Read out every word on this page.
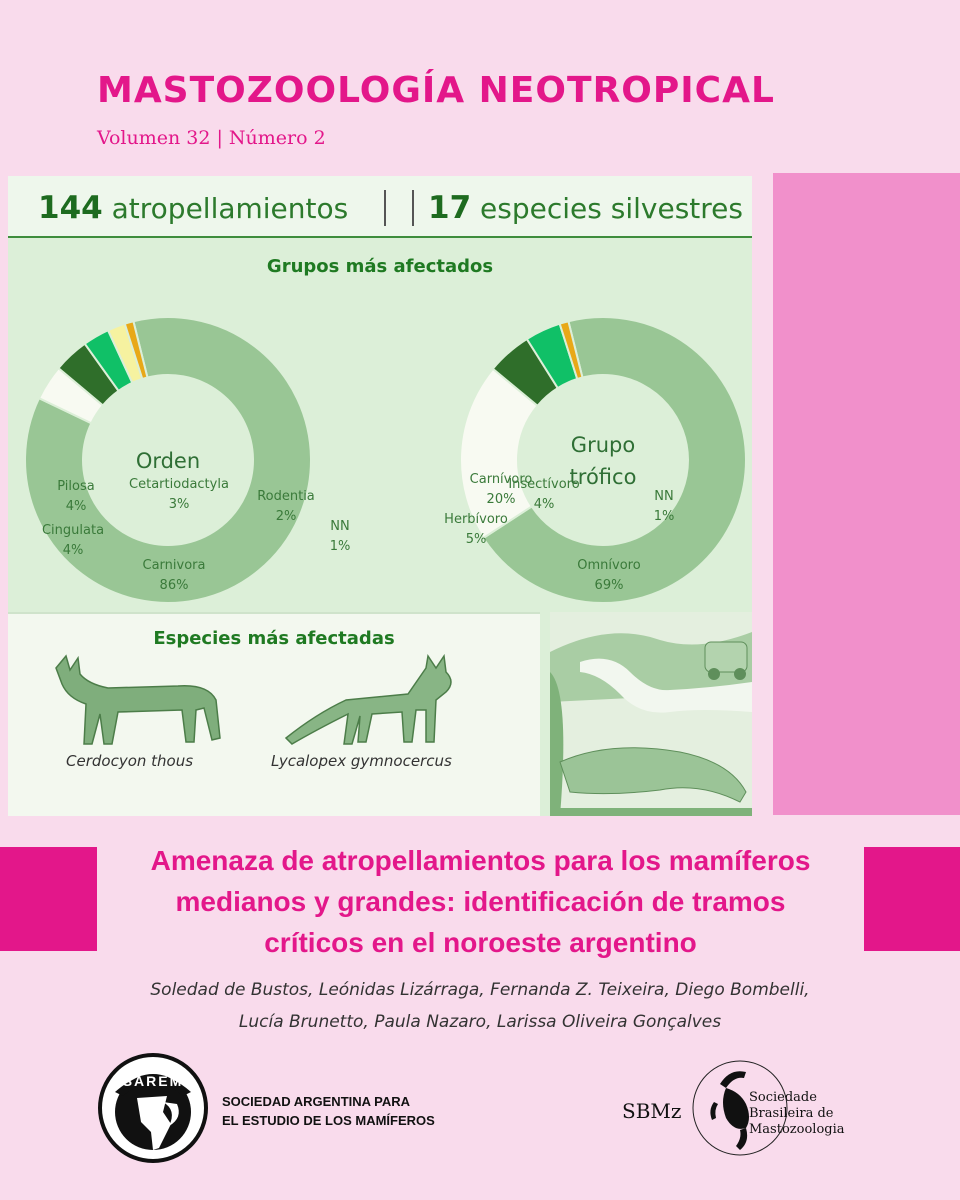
MASTOZOOLOGÍA NEOTROPICAL
Volumen 32 | Número 2
144 atropellamientos	17 especies silvestres
Grupos más afectados
Orden
Carnivora
86%
Cingulata
4%
Pilosa
4%
Cetartiodactyla
3%
Rodentia
2%
NN
1%
Grupo
trófico
Omnívoro
69%
Carnívoro
20%
Herbívoro
5%
Insectívoro
4%
NN
1%
Especies más afectadas
Cerdocyon thous	Lycalopex gymnocercus
Amenaza de atropellamientos para los mamíferos
medianos y grandes: identificación de tramos
críticos en el noroeste argentino
Soledad de Bustos, Leónidas Lizárraga, Fernanda Z. Teixeira, Diego Bombelli,
Lucía Brunetto, Paula Nazaro, Larissa Oliveira Gonçalves
SAREM
SOCIEDAD ARGENTINA PARA
EL ESTUDIO DE LOS MAMÍFEROS	SBMz
Sociedade
Brasileira de
Mastozoologia
